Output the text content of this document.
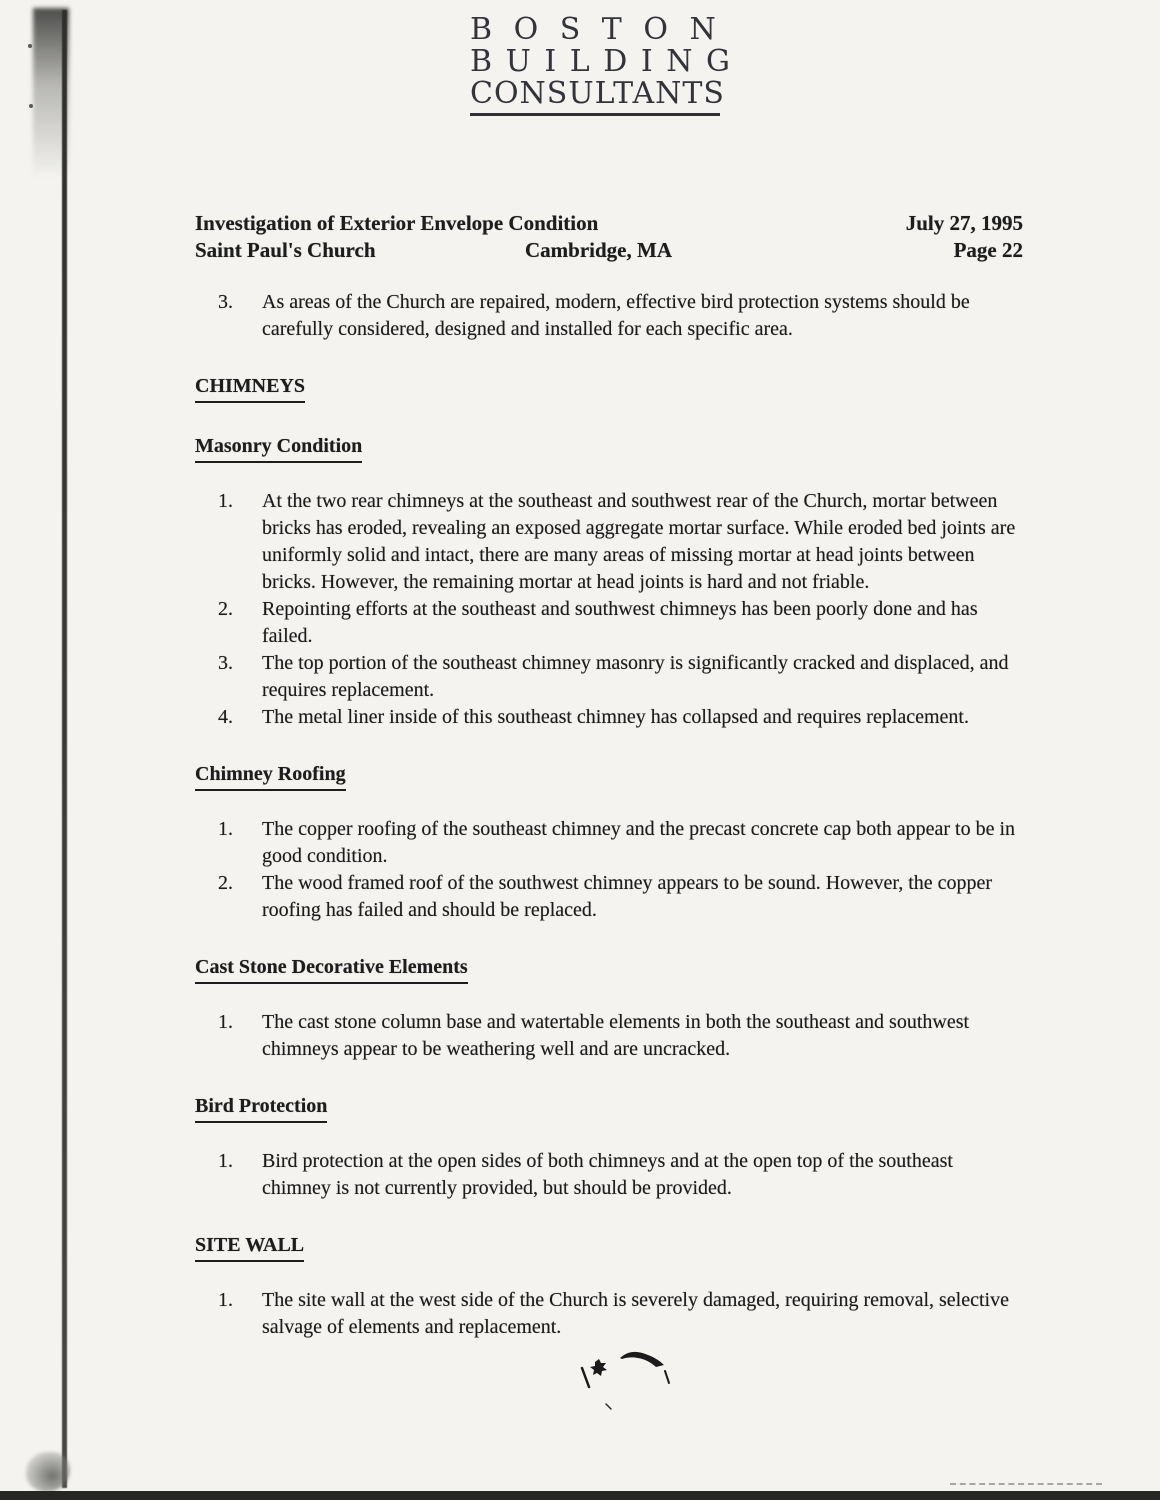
B O S T O N
B U I L D I N G
CONSULTANTS
Investigation of Exterior Envelope Condition	July 27, 1995
Saint Paul's Church	Cambridge, MA	Page 22
3.	As areas of the Church are repaired, modern, effective bird protection systems should be carefully considered, designed and installed for each specific area.
CHIMNEYS
Masonry Condition
1.	At the two rear chimneys at the southeast and southwest rear of the Church, mortar between bricks has eroded, revealing an exposed aggregate mortar surface. While eroded bed joints are uniformly solid and intact, there are many areas of missing mortar at head joints between bricks. However, the remaining mortar at head joints is hard and not friable.
2.	Repointing efforts at the southeast and southwest chimneys has been poorly done and has failed.
3.	The top portion of the southeast chimney masonry is significantly cracked and displaced, and requires replacement.
4.	The metal liner inside of this southeast chimney has collapsed and requires replacement.
Chimney Roofing
1.	The copper roofing of the southeast chimney and the precast concrete cap both appear to be in good condition.
2.	The wood framed roof of the southwest chimney appears to be sound. However, the copper roofing has failed and should be replaced.
Cast Stone Decorative Elements
1.	The cast stone column base and watertable elements in both the southeast and southwest chimneys appear to be weathering well and are uncracked.
Bird Protection
1.	Bird protection at the open sides of both chimneys and at the open top of the southeast chimney is not currently provided, but should be provided.
SITE WALL
1.	The site wall at the west side of the Church is severely damaged, requiring removal, selective salvage of elements and replacement.
